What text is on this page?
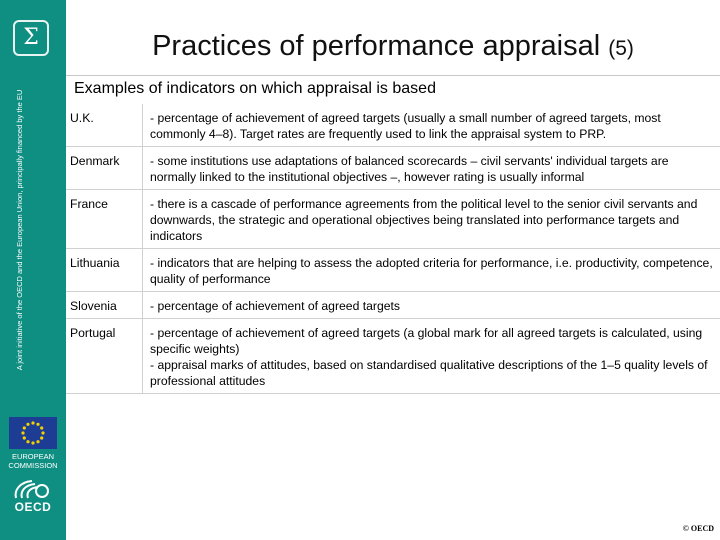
Σ
A joint initiative of the OECD and the European Union, principally financed by the EU
EUROPEAN COMMISSION
OECD
Practices of performance appraisal (5)
Examples of indicators on which appraisal is based
U.K.	- percentage of achievement of agreed targets (usually a small number of agreed targets, most commonly 4–8). Target rates are frequently used to link the appraisal system to PRP.
Denmark	- some institutions use adaptations of balanced scorecards – civil servants' individual targets are normally linked to the institutional objectives –, however rating is usually informal
France	- there is a cascade of performance agreements from the political level to the senior civil servants and downwards, the strategic and operational objectives being translated into performance targets and indicators
Lithuania	- indicators that are helping to assess the adopted criteria for performance, i.e. productivity, competence, quality of performance
Slovenia	- percentage of achievement of agreed targets
Portugal	- percentage of achievement of agreed targets (a global mark for all agreed targets is calculated, using specific weights)
- appraisal marks of attitudes, based on standardised qualitative descriptions of the 1–5 quality levels of professional attitudes
© OECD
